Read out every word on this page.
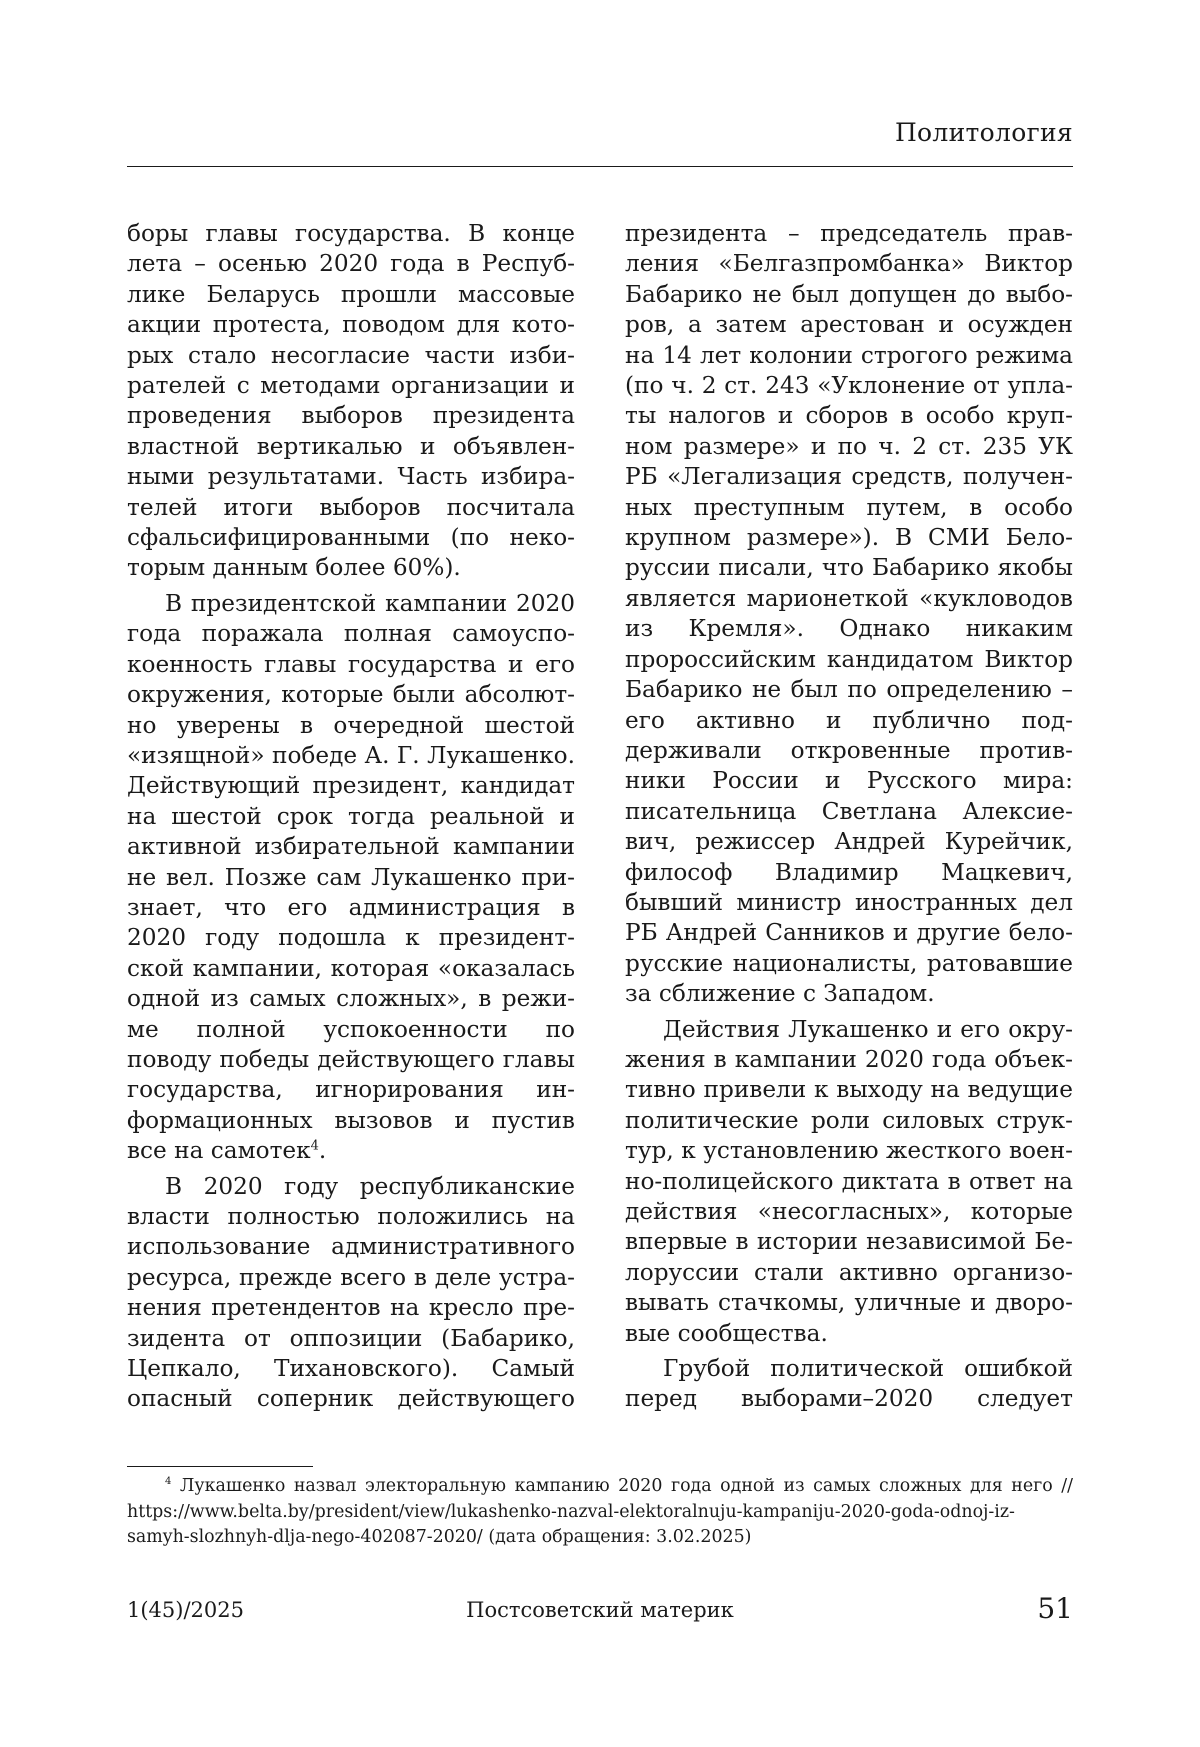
Политология

боры главы государства. В конце лета – осенью 2020 года в Республике Беларусь прошли массовые акции протеста, поводом для которых стало несогласие части избирателей с методами организации и проведения выборов президента властной вертикалью и объявленными результатами. Часть избирателей итоги выборов посчитала сфальсифицированными (по некоторым данным более 60%).

В президентской кампании 2020 года поражала полная самоуспокоенность главы государства и его окружения, которые были абсолютно уверены в очередной шестой «изящной» победе А. Г. Лукашенко. Действующий президент, кандидат на шестой срок тогда реальной и активной избирательной кампании не вел. Позже сам Лукашенко признает, что его администрация в 2020 году подошла к президентской кампании, которая «оказалась одной из самых сложных», в режиме полной успокоенности по поводу победы действующего главы государства, игнорирования информационных вызовов и пустив все на самотек$^4$.

В 2020 году республиканские власти полностью положились на использование административного ресурса, прежде всего в деле устранения претендентов на кресло президента от оппозиции (Бабарико, Цепкало, Тихановского). Самый опасный соперник действующего

президента – председатель правления «Белгазпромбанка» Виктор Бабарико не был допущен до выборов, а затем арестован и осужден на 14 лет колонии строгого режима (по ч. 2 ст. 243 «Уклонение от уплаты налогов и сборов в особо крупном размере» и по ч. 2 ст. 235 УК РБ «Легализация средств, полученных преступным путем, в особо крупном размере»). В СМИ Белоруссии писали, что Бабарико якобы является марионеткой «кукловодов из Кремля». Однако никаким пророссийским кандидатом Виктор Бабарико не был по определению – его активно и публично поддерживали откровенные противники России и Русского мира: писательница Светлана Алексиевич, режиссер Андрей Курейчик, философ Владимир Мацкевич, бывший министр иностранных дел РБ Андрей Санников и другие белорусские националисты, ратовавшие за сближение с Западом.

Действия Лукашенко и его окружения в кампании 2020 года объективно привели к выходу на ведущие политические роли силовых структур, к установлению жесткого военно-полицейского диктата в ответ на действия «несогласных», которые впервые в истории независимой Белоруссии стали активно организовывать стачкомы, уличные и дворовые сообщества.

Грубой политической ошибкой перед выборами–2020 следует

$^4$ Лукашенко назвал электоральную кампанию 2020 года одной из самых сложных для него // https://www.belta.by/president/view/lukashenko-nazval-elektoralnuju-kampaniju-2020-goda-odnoj-iz-samyh-slozhnyh-dlja-nego-402087-2020/ (дата обращения: 3.02.2025)

1(45)/2025	Постсоветский материк	51
